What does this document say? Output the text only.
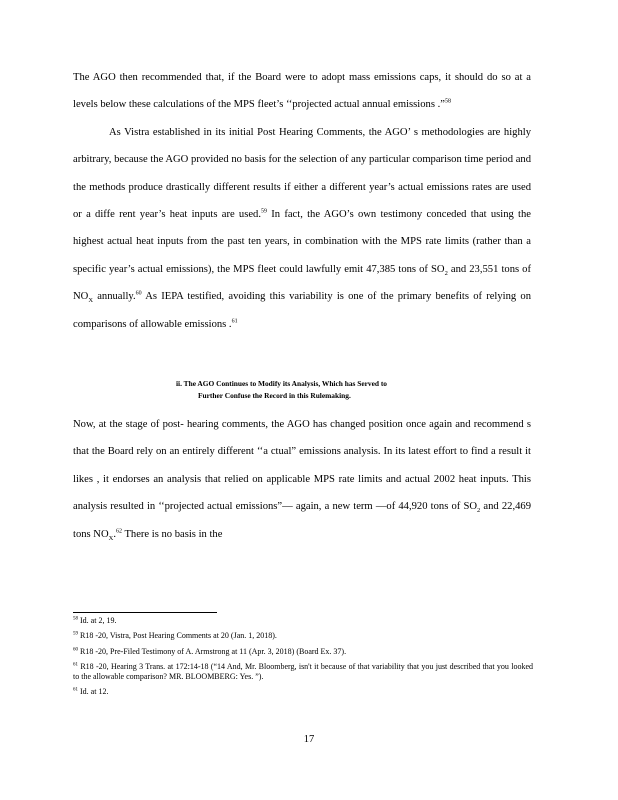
The AGO then recommended that, if the Board were to adopt mass emissions caps, it should do so at a levels below these calculations of the MPS fleet’s ‘‘projected actual annual emissions .”$^{58}$

As Vistra established in its initial Post Hearing Comments, the AGO’ s methodologies are highly arbitrary, because the AGO provided no basis for the selection of any particular comparison time period and the methods produce drastically different results if either a different year’s actual emissions rates are used or a diffe rent year’s heat inputs are used.$^{59}$ In fact, the AGO’s own testimony conceded that using the highest actual heat inputs from the past ten years, in combination with the MPS rate limits (rather than a specific year’s actual emissions), the MPS fleet could lawfully emit 47,385 tons of $SO_2$ and 23,551 tons of $NO_X$ annually.$^{60}$ As IEPA testified, avoiding this variability is one of the primary benefits of relying on comparisons of allowable emissions .$^{61}$

ii. The AGO Continues to Modify its Analysis, Which has Served to
Further Confuse the Record in this Rulemaking.

Now, at the stage of post- hearing comments, the AGO has changed position once again and recommend s that the Board rely on an entirely different ‘‘a ctual” emissions analysis. In its latest effort to find a result it likes , it endorses an analysis that relied on applicable MPS rate limits and actual 2002 heat inputs. This analysis resulted in ‘‘projected actual emissions”— again, a new term —of 44,920 tons of $SO_2$ and 22,469 tons $NO_X.^{62}$ There is no basis in the

$^{58}$ Id. at 2, 19.

$^{59}$ R18 -20, Vistra, Post Hearing Comments at 20 (Jan. 1, 2018).

$^{60}$ R18 -20, Pre-Filed Testimony of A. Armstrong at 11 (Apr. 3, 2018) (Board Ex. 37).

$^{61}$ R18 -20, Hearing 3 Trans. at 172:14-18 (“14 And, Mr. Bloomberg, isn't it because of that variability that you just described that you looked to the allowable comparison? MR. BLOOMBERG: Yes. ”).

$^{61}$ Id. at 12.

17
